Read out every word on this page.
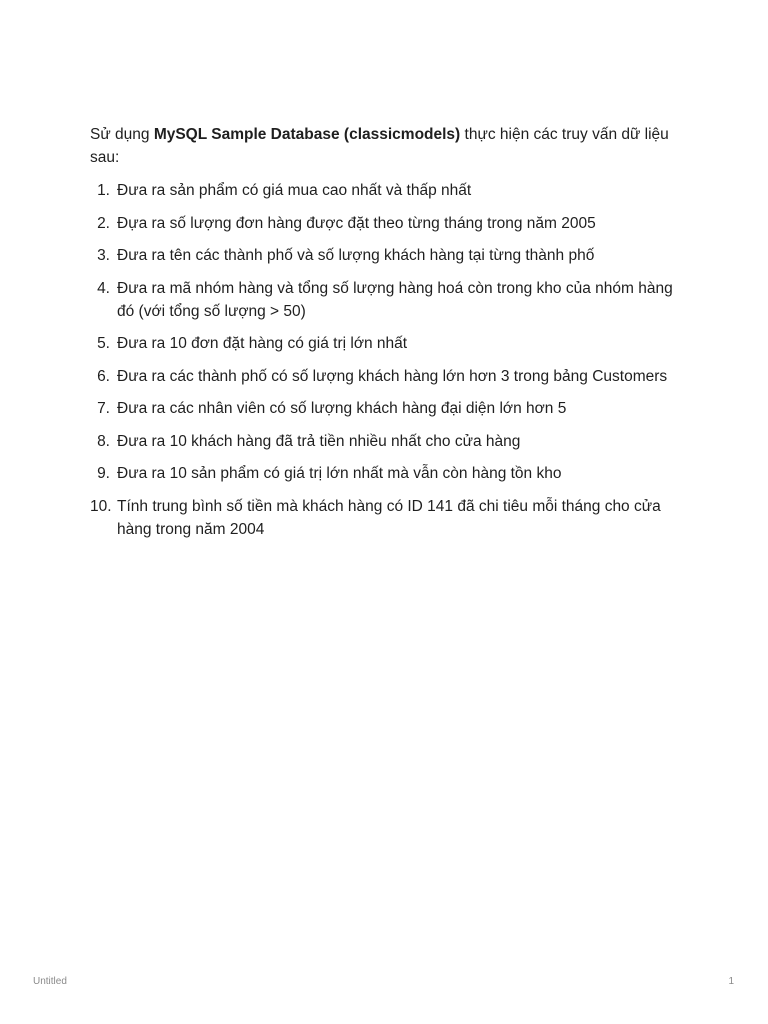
Sử dụng MySQL Sample Database (classicmodels) thực hiện các truy vấn dữ liệu sau:

1. Đưa ra sản phẩm có giá mua cao nhất và thấp nhất
2. Đựa ra số lượng đơn hàng được đặt theo từng tháng trong năm 2005
3. Đưa ra tên các thành phố và số lượng khách hàng tại từng thành phố
4. Đưa ra mã nhóm hàng và tổng số lượng hàng hoá còn trong kho của nhóm hàng đó (với tổng số lượng > 50)
5. Đưa ra 10 đơn đặt hàng có giá trị lớn nhất
6. Đưa ra các thành phố có số lượng khách hàng lớn hơn 3 trong bảng Customers
7. Đưa ra các nhân viên có số lượng khách hàng đại diện lớn hơn 5
8. Đưa ra 10 khách hàng đã trả tiền nhiều nhất cho cửa hàng
9. Đưa ra 10 sản phẩm có giá trị lớn nhất mà vẫn còn hàng tồn kho
10. Tính trung bình số tiền mà khách hàng có ID 141 đã chi tiêu mỗi tháng cho cửa hàng trong năm 2004
Untitled	1
